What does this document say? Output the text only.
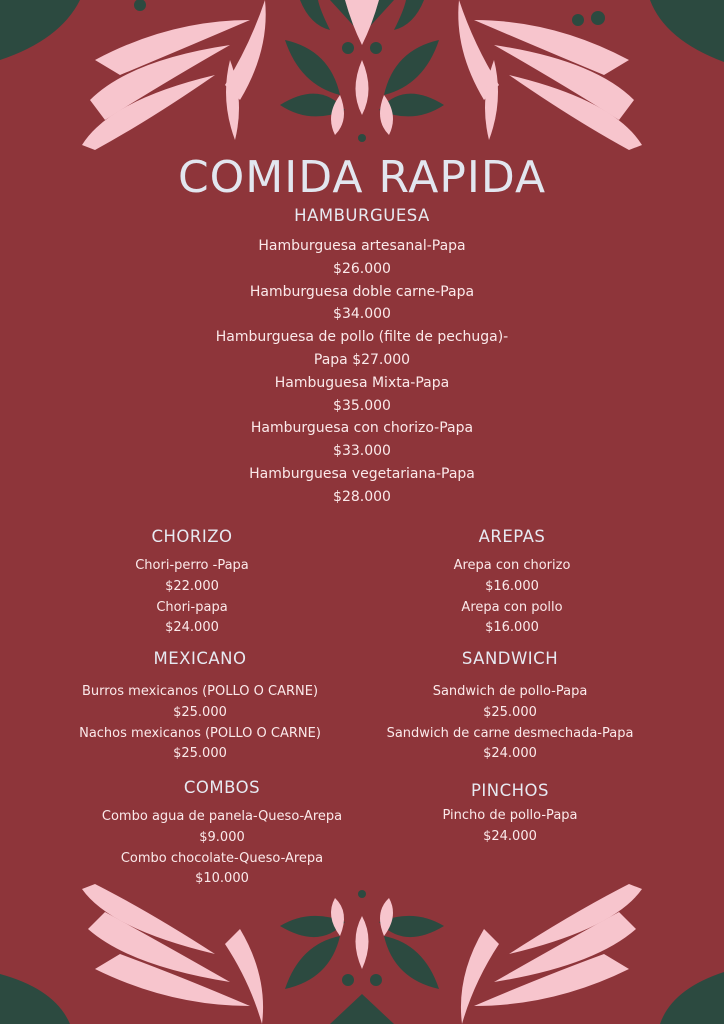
COMIDA RAPIDA
HAMBURGUESA
Hamburguesa artesanal-Papa
$26.000
Hamburguesa doble carne-Papa
$34.000
Hamburguesa de pollo (filte de pechuga)-
Papa $27.000
Hambuguesa Mixta-Papa
$35.000
Hamburguesa con chorizo-Papa
$33.000
Hamburguesa vegetariana-Papa
$28.000
CHORIZO
Chori-perro -Papa
$22.000
Chori-papa
$24.000
AREPAS
Arepa con chorizo
$16.000
Arepa con pollo
$16.000
MEXICANO
Burros mexicanos (POLLO O CARNE)
$25.000
Nachos mexicanos (POLLO O CARNE)
$25.000
SANDWICH
Sandwich de pollo-Papa
$25.000
Sandwich de carne desmechada-Papa
$24.000
COMBOS
Combo agua de panela-Queso-Arepa
$9.000
Combo chocolate-Queso-Arepa
$10.000
PINCHOS
Pincho de pollo-Papa
$24.000
